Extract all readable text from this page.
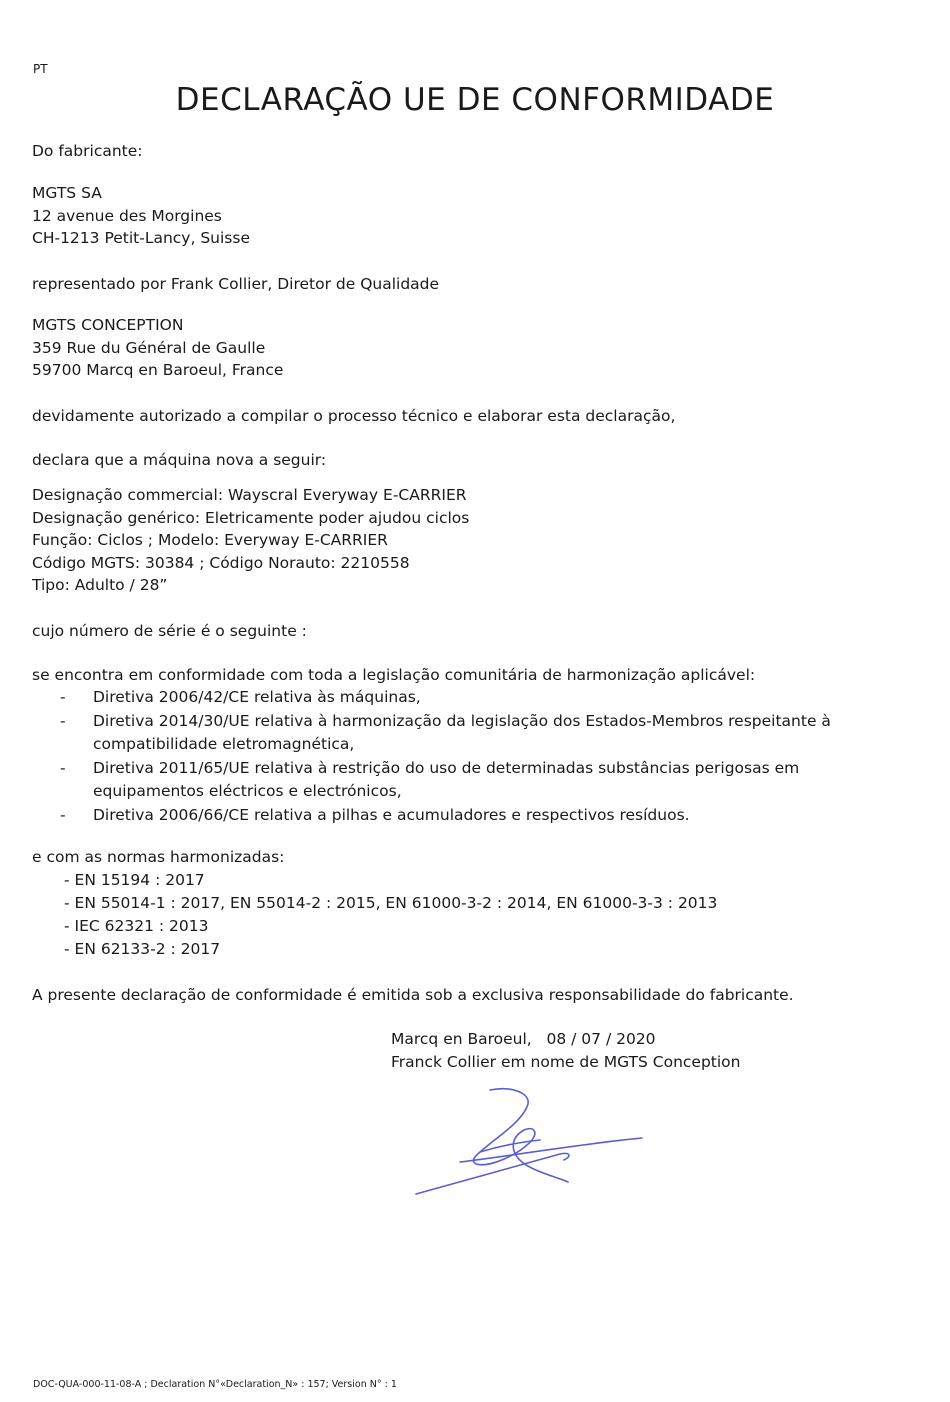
PT
DECLARAÇÃO UE DE CONFORMIDADE
Do fabricante:
MGTS SA
12 avenue des Morgines
CH-1213 Petit-Lancy, Suisse
representado por Frank Collier, Diretor de Qualidade
MGTS CONCEPTION
359 Rue du Général de Gaulle
59700 Marcq en Baroeul, France
devidamente autorizado a compilar o processo técnico e elaborar esta declaração,
declara que a máquina nova a seguir:
Designação commercial: Wayscral Everyway E-CARRIER
Designação genérico: Eletricamente poder ajudou ciclos
Função: Ciclos ; Modelo: Everyway E-CARRIER
Código MGTS: 30384 ; Código Norauto: 2210558
Tipo: Adulto / 28”
cujo número de série é o seguinte :
se encontra em conformidade com toda a legislação comunitária de harmonização aplicável:
- Diretiva 2006/42/CE relativa às máquinas,
- Diretiva 2014/30/UE relativa à harmonização da legislação dos Estados-Membros respeitante à
compatibilidade eletromagnética,
- Diretiva 2011/65/UE relativa à restrição do uso de determinadas substâncias perigosas em
equipamentos eléctricos e electrónicos,
- Diretiva 2006/66/CE relativa a pilhas e acumuladores e respectivos resíduos.
e com as normas harmonizadas:
- EN 15194 : 2017
- EN 55014-1 : 2017, EN 55014-2 : 2015, EN 61000-3-2 : 2014, EN 61000-3-3 : 2013
- IEC 62321 : 2013
- EN 62133-2 : 2017
A presente declaração de conformidade é emitida sob a exclusiva responsabilidade do fabricante.
Marcq en Baroeul,   08 / 07 / 2020
Franck Collier em nome de MGTS Conception
DOC-QUA-000-11-08-A ; Declaration N°«Declaration_N» : 157; Version N° : 1
